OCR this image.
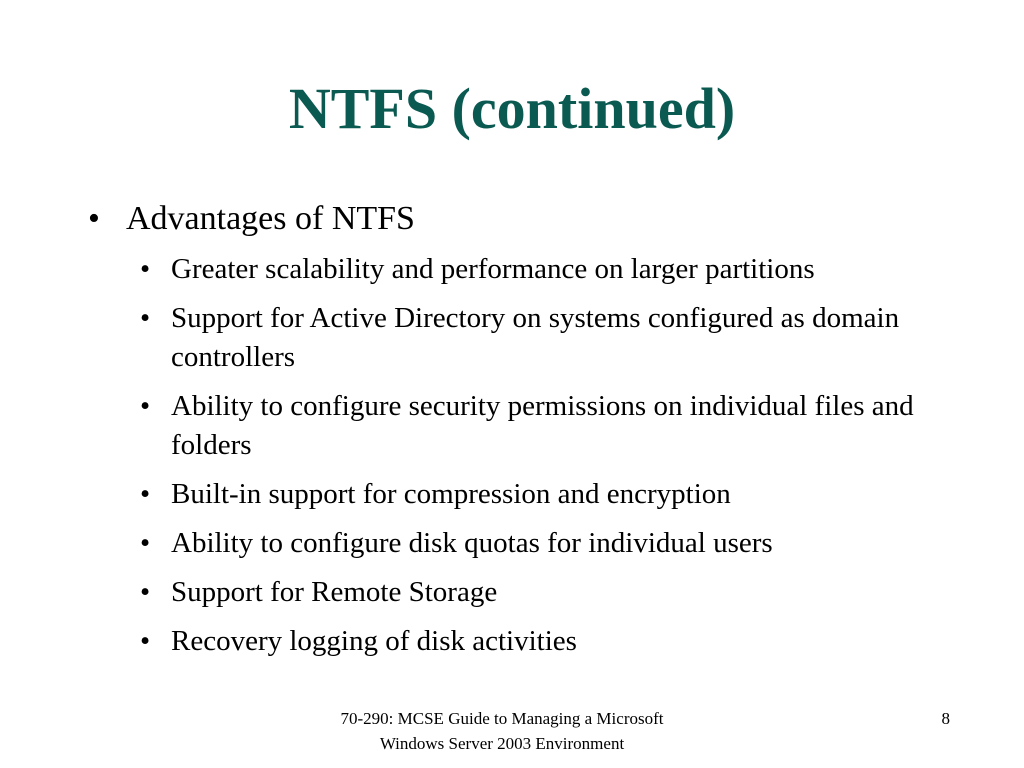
NTFS (continued)
• Advantages of NTFS
• Greater scalability and performance on larger partitions
• Support for Active Directory on systems configured as domain controllers
• Ability to configure security permissions on individual files and folders
• Built-in support for compression and encryption
• Ability to configure disk quotas for individual users
• Support for Remote Storage
• Recovery logging of disk activities
70-290: MCSE Guide to Managing a Microsoft
Windows Server 2003 Environment
8
